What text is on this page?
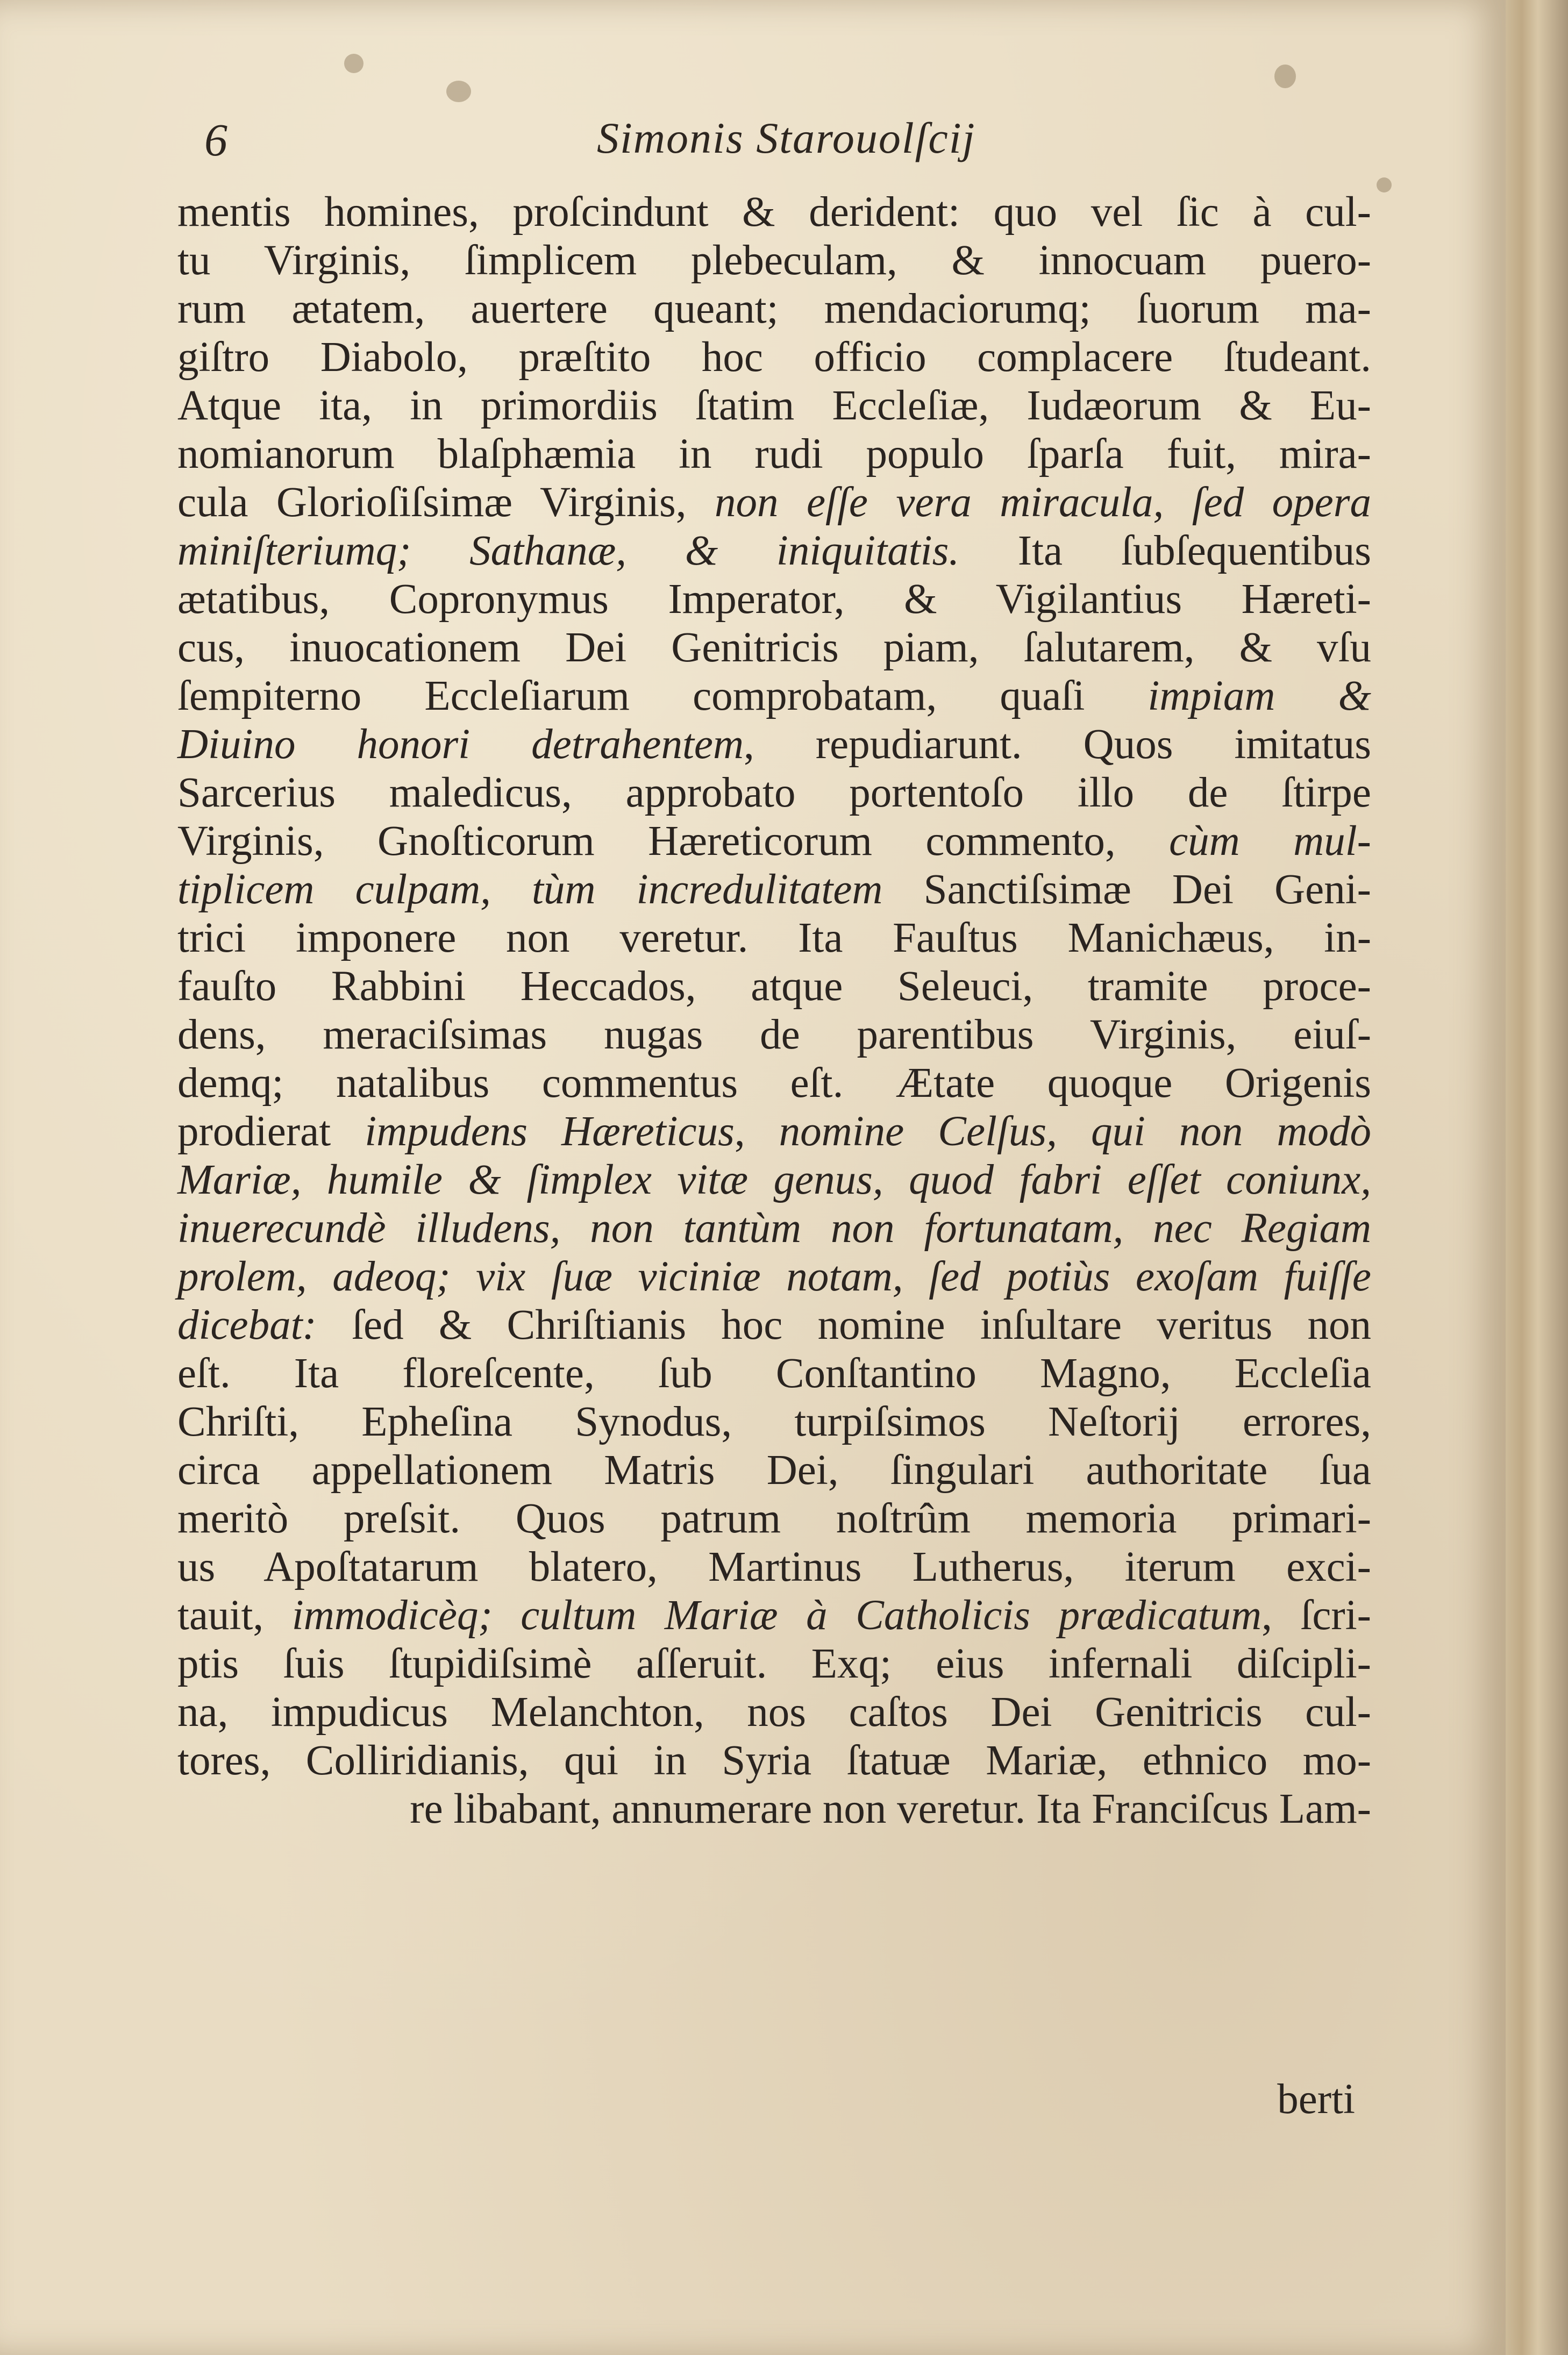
6	Simonis Starouolſcij
mentis homines, proſcindunt & derident: quo vel ſic à cul-
tu Virginis, ſimplicem plebeculam, & innocuam puero-
rum ætatem, auertere queant; mendaciorumq; ſuorum ma-
giſtro Diabolo, præſtito hoc officio complacere ſtudeant.
Atque ita, in primordiis ſtatim Eccleſiæ, Iudæorum & Eu-
nomianorum blaſphæmia in rudi populo ſparſa fuit, mira-
cula Glorioſiſsimæ Virginis, non eſſe vera miracula, ſed opera
miniſteriumq; Sathanæ, & iniquitatis. Ita ſubſequentibus
ætatibus, Copronymus Imperator, & Vigilantius Hæreti-
cus, inuocationem Dei Genitricis piam, ſalutarem, & vſu
ſempiterno Eccleſiarum comprobatam, quaſi impiam &
Diuino honori detrahentem, repudiarunt. Quos imitatus
Sarcerius maledicus, approbato portentoſo illo de ſtirpe
Virginis, Gnoſticorum Hæreticorum commento, cùm mul-
tiplicem culpam, tùm incredulitatem Sanctiſsimæ Dei Geni-
trici imponere non veretur. Ita Fauſtus Manichæus, in-
fauſto Rabbini Heccados, atque Seleuci, tramite proce-
dens, meraciſsimas nugas de parentibus Virginis, eiuſ-
demq; natalibus commentus eſt. Ætate quoque Origenis
prodierat impudens Hæreticus, nomine Celſus, qui non modò
Mariæ, humile & ſimplex vitæ genus, quod fabri eſſet coniunx,
inuerecundè illudens, non tantùm non fortunatam, nec Regiam
prolem, adeoq; vix ſuæ viciniæ notam, ſed potiùs exoſam fuiſſe
dicebat: ſed & Chriſtianis hoc nomine inſultare veritus non
eſt. Ita floreſcente, ſub Conſtantino Magno, Eccleſia
Chriſti, Epheſina Synodus, turpiſsimos Neſtorij errores,
circa appellationem Matris Dei, ſingulari authoritate ſua
meritò preſsit. Quos patrum noſtrûm memoria primari-
us Apoſtatarum blatero, Martinus Lutherus, iterum exci-
tauit, immodicèq; cultum Mariæ à Catholicis prædicatum, ſcri-
ptis ſuis ſtupidiſsimè aſſeruit. Exq; eius infernali diſcipli-
na, impudicus Melanchton, nos caſtos Dei Genitricis cul-
tores, Colliridianis, qui in Syria ſtatuæ Mariæ, ethnico mo-
re libabant, annumerare non veretur. Ita Franciſcus Lam-
berti
